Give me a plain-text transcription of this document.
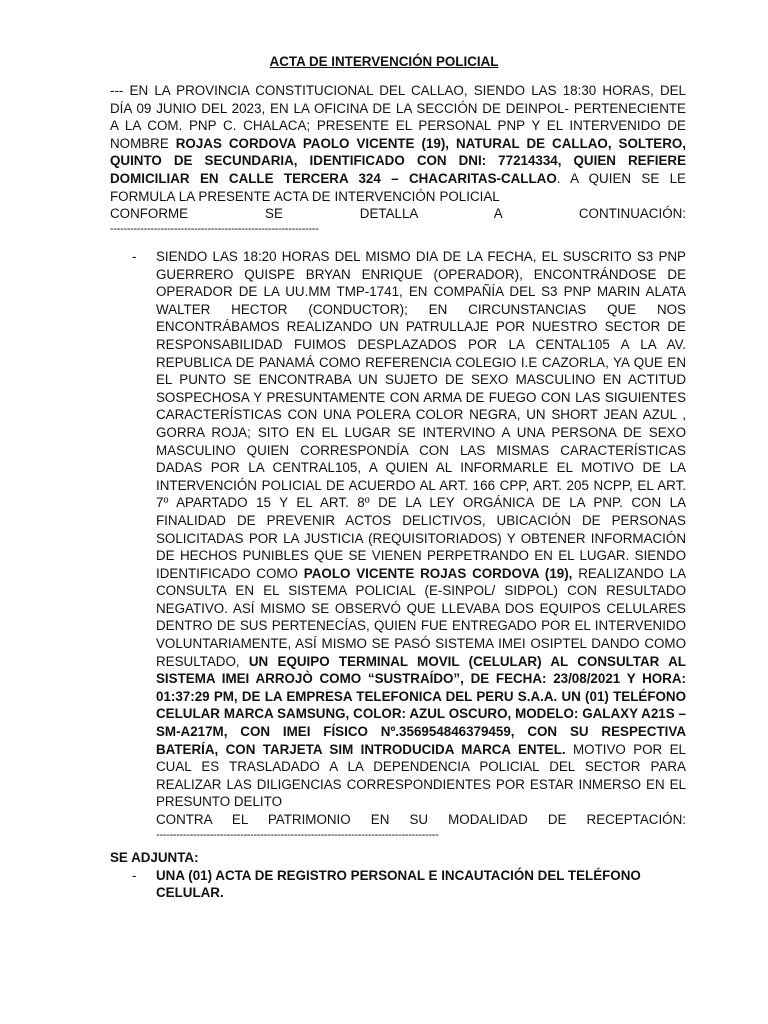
ACTA DE INTERVENCIÓN POLICIAL
--- EN LA PROVINCIA CONSTITUCIONAL DEL CALLAO, SIENDO LAS 18:30 HORAS, DEL DÍA 09 JUNIO DEL 2023, EN LA OFICINA DE LA SECCIÓN DE DEINPOL- PERTENECIENTE A LA COM. PNP C. CHALACA; PRESENTE EL PERSONAL PNP Y EL INTERVENIDO DE NOMBRE ROJAS CORDOVA PAOLO VICENTE (19), NATURAL DE CALLAO, SOLTERO, QUINTO DE SECUNDARIA, IDENTIFICADO CON DNI: 77214334, QUIEN REFIERE DOMICILIAR EN CALLE TERCERA 324 – CHACARITAS-CALLAO. A QUIEN SE LE FORMULA LA PRESENTE ACTA DE INTERVENCIÓN POLICIAL
CONFORME SE DETALLA A CONTINUACIÓN:
--------------------------------------------------------------
-	SIENDO LAS 18:20 HORAS DEL MISMO DIA DE LA FECHA, EL SUSCRITO S3 PNP GUERRERO QUISPE BRYAN ENRIQUE (OPERADOR), ENCONTRÁNDOSE DE OPERADOR DE LA UU.MM TMP-1741, EN COMPAÑÍA DEL S3 PNP MARIN ALATA WALTER HECTOR (CONDUCTOR); EN CIRCUNSTANCIAS QUE NOS ENCONTRÁBAMOS REALIZANDO UN PATRULLAJE POR NUESTRO SECTOR DE RESPONSABILIDAD FUIMOS DESPLAZADOS POR LA CENTAL105 A LA AV. REPUBLICA DE PANAMÁ COMO REFERENCIA COLEGIO I.E CAZORLA, YA QUE EN EL PUNTO SE ENCONTRABA UN SUJETO DE SEXO MASCULINO EN ACTITUD SOSPECHOSA Y PRESUNTAMENTE CON ARMA DE FUEGO CON LAS SIGUIENTES CARACTERÍSTICAS CON UNA POLERA COLOR NEGRA, UN SHORT JEAN AZUL , GORRA ROJA; SITO EN EL LUGAR SE INTERVINO A UNA PERSONA DE SEXO MASCULINO QUIEN CORRESPONDÍA CON LAS MISMAS CARACTERÍSTICAS DADAS POR LA CENTRAL105, A QUIEN AL INFORMARLE EL MOTIVO DE LA INTERVENCIÓN POLICIAL DE ACUERDO AL ART. 166 CPP, ART. 205 NCPP, EL ART. 7º APARTADO 15 Y EL ART. 8º DE LA LEY ORGÁNICA DE LA PNP. CON LA FINALIDAD DE PREVENIR ACTOS DELICTIVOS, UBICACIÓN DE PERSONAS SOLICITADAS POR LA JUSTICIA (REQUISITORIADOS) Y OBTENER INFORMACIÓN DE HECHOS PUNIBLES QUE SE VIENEN PERPETRANDO EN EL LUGAR. SIENDO IDENTIFICADO COMO PAOLO VICENTE ROJAS CORDOVA (19), REALIZANDO LA CONSULTA EN EL SISTEMA POLICIAL (E-SINPOL/ SIDPOL) CON RESULTADO NEGATIVO. ASÍ MISMO SE OBSERVÓ QUE LLEVABA DOS EQUIPOS CELULARES DENTRO DE SUS PERTENECÍAS, QUIEN FUE ENTREGADO POR EL INTERVENIDO VOLUNTARIAMENTE, ASÍ MISMO SE PASÓ SISTEMA IMEI OSIPTEL DANDO COMO RESULTADO, UN EQUIPO TERMINAL MOVIL (CELULAR) AL CONSULTAR AL SISTEMA IMEI ARROJÒ COMO “SUSTRAÍDO”, DE FECHA: 23/08/2021 Y HORA: 01:37:29 PM, DE LA EMPRESA TELEFONICA DEL PERU S.A.A. UN (01) TELÉFONO CELULAR MARCA SAMSUNG, COLOR: AZUL OSCURO, MODELO: GALAXY A21S – SM-A217M, CON IMEI FÍSICO Nº.356954846379459, CON SU RESPECTIVA BATERÍA, CON TARJETA SIM INTRODUCIDA MARCA ENTEL. MOTIVO POR EL CUAL ES TRASLADADO A LA DEPENDENCIA POLICIAL DEL SECTOR PARA REALIZAR LAS DILIGENCIAS CORRESPONDIENTES POR ESTAR INMERSO EN EL PRESUNTO DELITO
CONTRA EL PATRIMONIO EN SU MODALIDAD DE RECEPTACIÓN:
------------------------------------------------------------------------------------

SE ADJUNTA:

-	UNA (01) ACTA DE REGISTRO PERSONAL E INCAUTACIÓN DEL TELÉFONO CELULAR.
